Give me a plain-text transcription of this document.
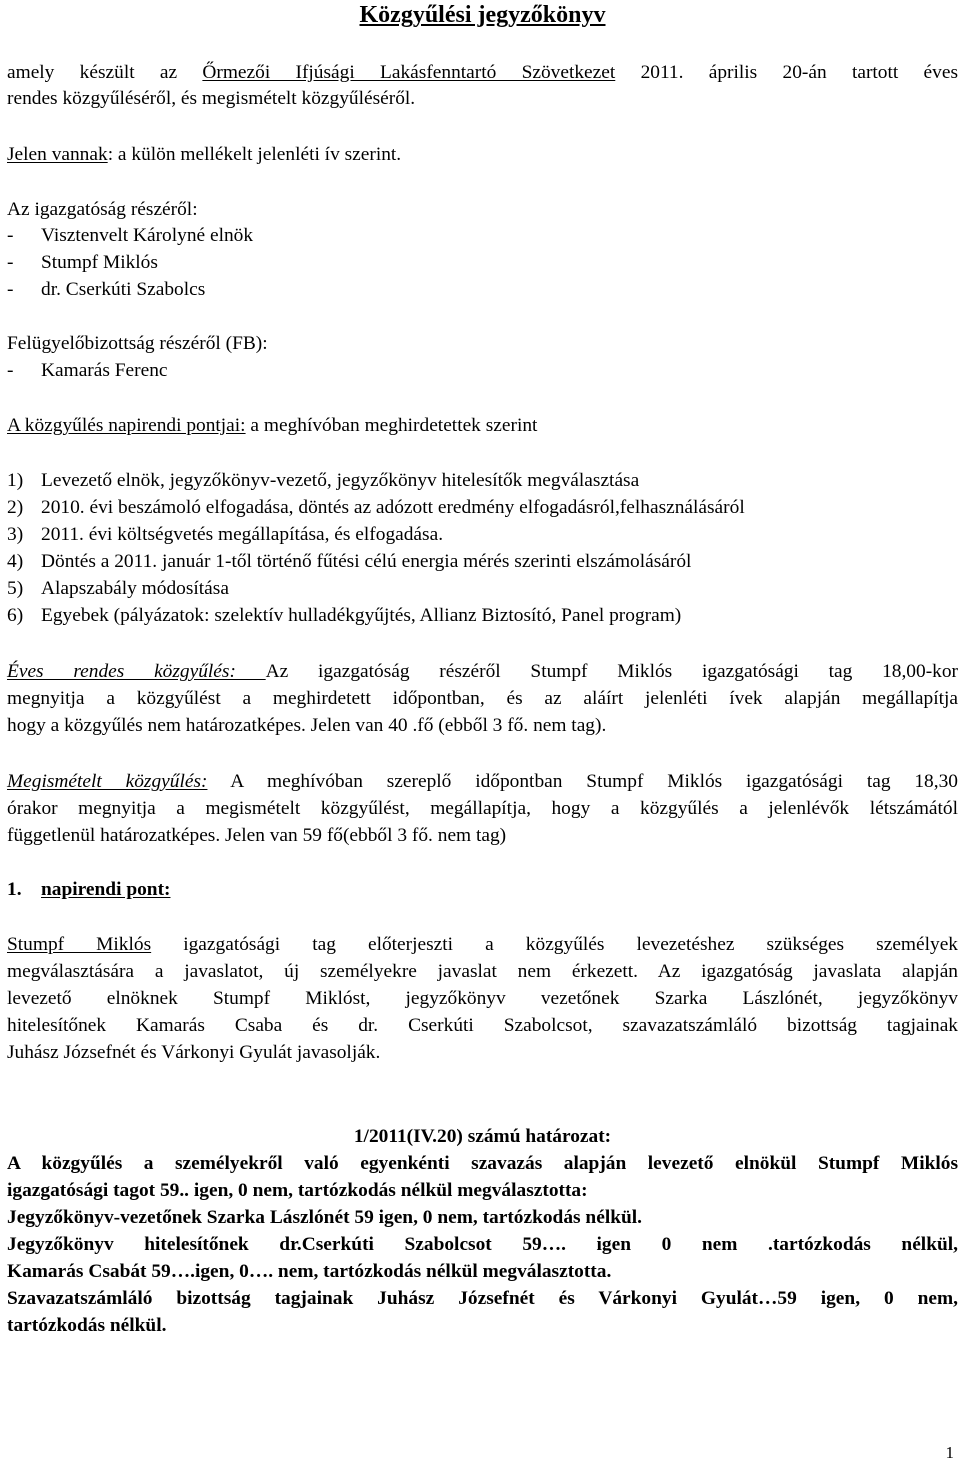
Közgyűlési jegyzőkönyv
amely készült az Őrmezői Ifjúsági Lakásfenntartó Szövetkezet 2011. április 20-án tartott éves
rendes közgyűléséről, és megismételt közgyűléséről.
Jelen vannak: a külön mellékelt jelenléti ív szerint.
Az igazgatóság részéről:
- Visztenvelt Károlyné elnök
- Stumpf Miklós
- dr. Cserkúti Szabolcs
Felügyelőbizottság részéről (FB):
- Kamarás Ferenc
A közgyűlés napirendi pontjai: a meghívóban meghirdetettek szerint
1) Levezető elnök, jegyzőkönyv-vezető, jegyzőkönyv hitelesítők megválasztása
2) 2010. évi beszámoló elfogadása, döntés az adózott eredmény elfogadásról,felhasználásáról
3) 2011. évi költségvetés megállapítása, és elfogadása.
4) Döntés a 2011. január 1-től történő fűtési célú energia mérés szerinti elszámolásáról
5) Alapszabály módosítása
6) Egyebek (pályázatok: szelektív hulladékgyűjtés, Allianz Biztosító, Panel program)
Éves rendes közgyűlés: Az igazgatóság részéről Stumpf Miklós igazgatósági tag 18,00-kor
megnyitja a közgyűlést a meghirdetett időpontban, és az aláírt jelenléti ívek alapján megállapítja
hogy a közgyűlés nem határozatképes. Jelen van 40 .fő (ebből 3 fő. nem tag).
Megismételt közgyűlés: A meghívóban szereplő időpontban Stumpf Miklós igazgatósági tag 18,30
órakor megnyitja a megismételt közgyűlést, megállapítja, hogy a közgyűlés a jelenlévők létszámától
függetlenül határozatképes. Jelen van 59 fő(ebből 3 fő. nem tag)
1. napirendi pont:
Stumpf Miklós igazgatósági tag előterjeszti a közgyűlés levezetéshez szükséges személyek
megválasztására a javaslatot, új személyekre javaslat nem érkezett. Az igazgatóság javaslata alapján
levezető elnöknek Stumpf Miklóst, jegyzőkönyv vezetőnek Szarka Lászlónét, jegyzőkönyv
hitelesítőnek Kamarás Csaba és dr. Cserkúti Szabolcsot, szavazatszámláló bizottság tagjainak
Juhász Józsefnét és Várkonyi Gyulát javasolják.
1/2011(IV.20) számú határozat:
A közgyűlés a személyekről való egyenkénti szavazás alapján levezető elnökül Stumpf Miklós
igazgatósági tagot 59.. igen, 0 nem, tartózkodás nélkül megválasztotta:
Jegyzőkönyv-vezetőnek Szarka Lászlónét 59 igen, 0 nem, tartózkodás nélkül.
Jegyzőkönyv hitelesítőnek dr.Cserkúti Szabolcsot 59…. igen 0 nem .tartózkodás nélkül,
Kamarás Csabát 59….igen, 0…. nem, tartózkodás nélkül megválasztotta.
Szavazatszámláló bizottság tagjainak Juhász Józsefnét és Várkonyi Gyulát…59 igen, 0 nem,
tartózkodás nélkül.
1
